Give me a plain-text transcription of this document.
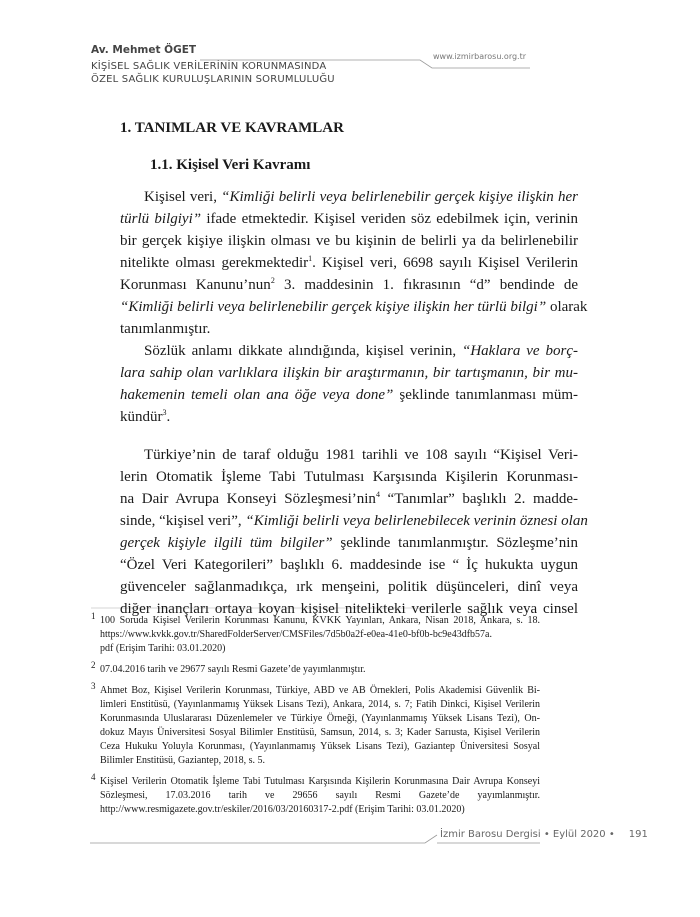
Av. Mehmet ÖGET
KİŞİSEL SAĞLIK VERİLERİNİN KORUNMASINDA
ÖZEL SAĞLIK KURULUŞLARININ SORUMLULUĞU
www.izmirbarosu.org.tr
1. TANIMLAR VE KAVRAMLAR
1.1. Kişisel Veri Kavramı
Kişisel veri, “Kimliği belirli veya belirlenebilir gerçek kişiye ilişkin her
türlü bilgiyi” ifade etmektedir. Kişisel veriden söz edebilmek için, verinin
bir gerçek kişiye ilişkin olması ve bu kişinin de belirli ya da belirlenebilir
nitelikte olması gerekmektedir$^1$. Kişisel veri, 6698 sayılı Kişisel Verilerin
Korunması Kanunu’nun$^2$ 3. maddesinin 1. fıkrasının “d” bendinde de
“Kimliği belirli veya belirlenebilir gerçek kişiye ilişkin her türlü bilgi” olarak
tanımlanmıştır.
Sözlük anlamı dikkate alındığında, kişisel verinin, “Haklara ve borç-
lara sahip olan varlıklara ilişkin bir araştırmanın, bir tartışmanın, bir mu-
hakemenin temeli olan ana öğe veya done” şeklinde tanımlanması müm-
kündür$^3$.
Türkiye’nin de taraf olduğu 1981 tarihli ve 108 sayılı “Kişisel Veri-
lerin Otomatik İşleme Tabi Tutulması Karşısında Kişilerin Korunması-
na Dair Avrupa Konseyi Sözleşmesi’nin$^4$ “Tanımlar” başlıklı 2. madde-
sinde, “kişisel veri”, “Kimliği belirli veya belirlenebilecek verinin öznesi olan
gerçek kişiyle ilgili tüm bilgiler” şeklinde tanımlanmıştır. Sözleşme’nin
“Özel Veri Kategorileri” başlıklı 6. maddesinde ise “ İç hukukta uygun
güvenceler sağlanmadıkça, ırk menşeini, politik düşünceleri, dinî veya
diğer inançları ortaya koyan kişisel nitelikteki verilerle sağlık veya cinsel
1 100 Soruda Kişisel Verilerin Korunması Kanunu, KVKK Yayınları, Ankara, Nisan 2018, Ankara, s. 18.
https://www.kvkk.gov.tr/SharedFolderServer/CMSFiles/7d5b0a2f-e0ea-41e0-bf0b-bc9e43dfb57a.
pdf (Erişim Tarihi: 03.01.2020)
2 07.04.2016 tarih ve 29677 sayılı Resmi Gazete’de yayımlanmıştır.
3 Ahmet Boz, Kişisel Verilerin Korunması, Türkiye, ABD ve AB Örnekleri, Polis Akademisi Güvenlik Bi-
limleri Enstitüsü, (Yayınlanmamış Yüksek Lisans Tezi), Ankara, 2014, s. 7; Fatih Dinkci, Kişisel Verilerin
Korunmasında Uluslararası Düzenlemeler ve Türkiye Örneği, (Yayınlanmamış Yüksek Lisans Tezi), On-
dokuz Mayıs Üniversitesi Sosyal Bilimler Enstitüsü, Samsun, 2014, s. 3; Kader Sarıusta, Kişisel Verilerin
Ceza Hukuku Yoluyla Korunması, (Yayınlanmamış Yüksek Lisans Tezi), Gaziantep Üniversitesi Sosyal
Bilimler Enstitüsü, Gaziantep, 2018, s. 5.
4 Kişisel Verilerin Otomatik İşleme Tabi Tutulması Karşısında Kişilerin Korunmasına Dair Avrupa Konseyi
Sözleşmesi, 17.03.2016 tarih ve 29656 sayılı Resmi Gazete’de yayımlanmıştır.
http://www.resmigazete.gov.tr/eskiler/2016/03/20160317-2.pdf (Erişim Tarihi: 03.01.2020)
İzmir Barosu Dergisi • Eylül 2020 • 191
